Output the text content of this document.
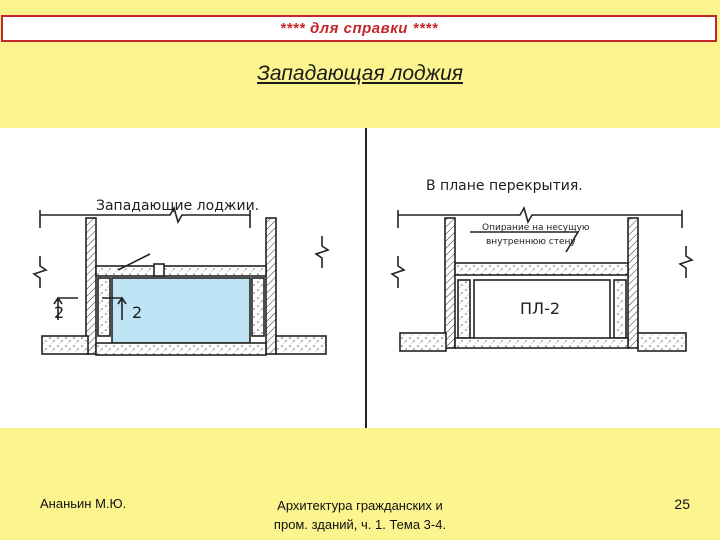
**** для справки ****
Западающая лоджия
Западающие лоджии.
2	2
В плане перекрытия.
Опирание на несущую
внутреннюю стену
ПЛ-2
Ананьин М.Ю.	Архитектура гражданских и
пром. зданий, ч. 1. Тема 3-4.
25
